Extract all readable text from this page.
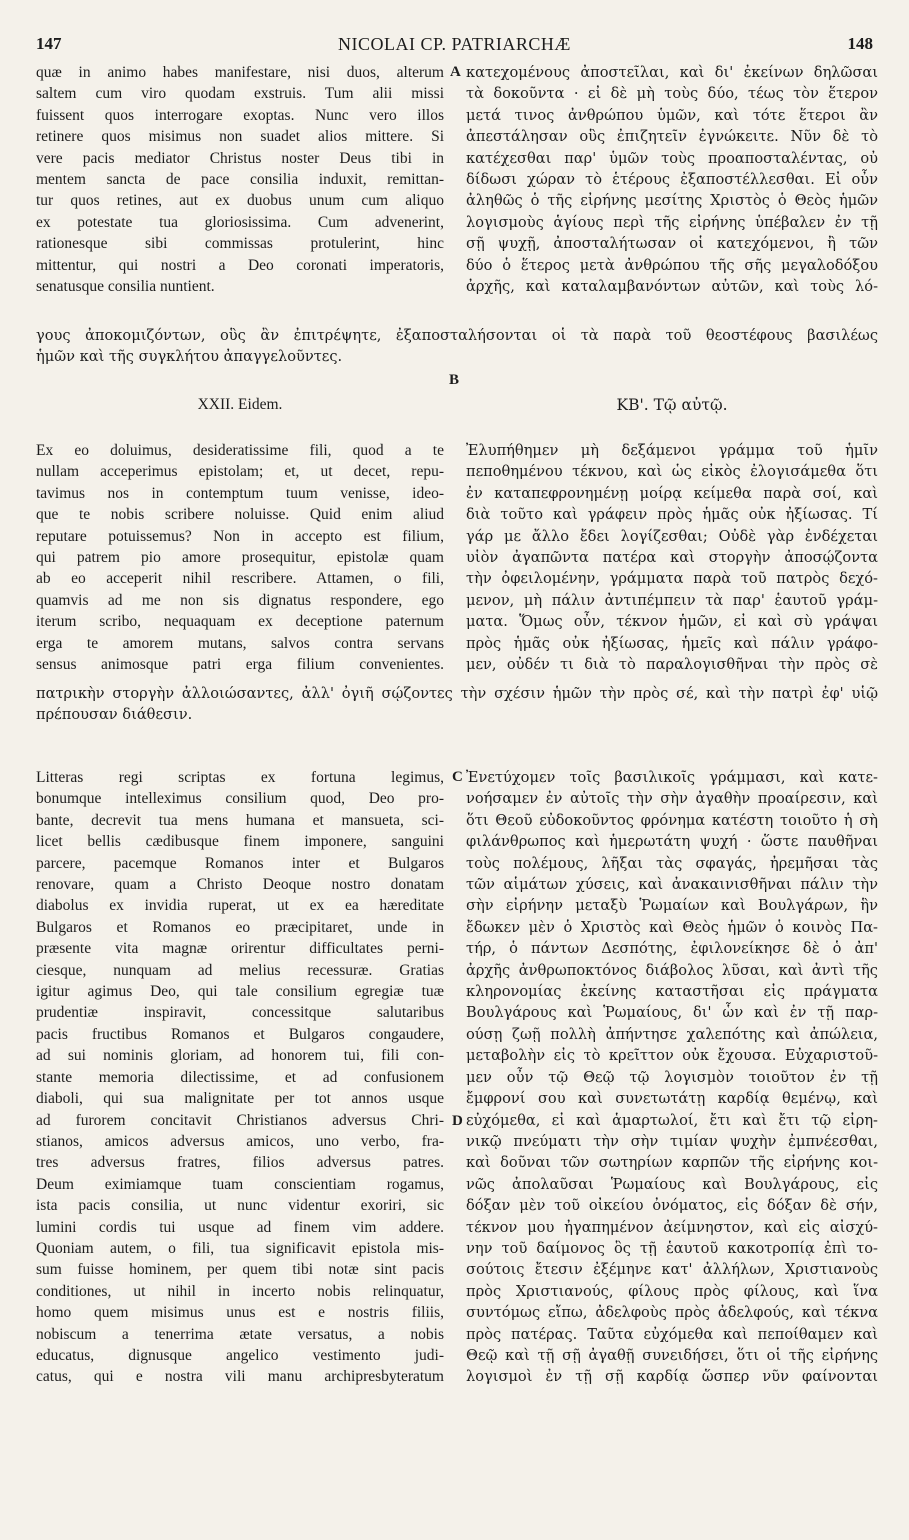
147	NICOLAI CP. PATRIARCHÆ	148
quæ in animo habes manifestare, nisi duos, alterum
saltem cum viro quodam exstruis. Tum alii missi
fuissent quos interrogare exoptas. Nunc vero illos
retinere quos misimus non suadet alios mittere. Si
vere pacis mediator Christus noster Deus tibi in
mentem sancta de pace consilia induxit, remittan-
tur quos retines, aut ex duobus unum cum aliquo
ex potestate tua gloriosissima. Cum advenerint,
rationesque sibi commissas protulerint, hinc
mittentur, qui nostri a Deo coronati imperatoris,
senatusque consilia nuntient.
A κατεχομένους ἀποστεῖλαι, καὶ δι' ἐκείνων δηλῶσαι
τὰ δοκοῦντα · εἰ δὲ μὴ τοὺς δύο, τέως τὸν ἕτερον
μετά τινος ἀνθρώπου ὑμῶν, καὶ τότε ἕτεροι ἂν
ἀπεστάλησαν οὓς ἐπιζητεῖν ἐγνώκειτε. Νῦν δὲ τὸ
κατέχεσθαι παρ' ὑμῶν τοὺς προαποσταλέντας, οὐ
δίδωσι χώραν τὸ ἑτέρους ἐξαποστέλλεσθαι. Εἰ οὖν
ἀληθῶς ὁ τῆς εἰρήνης μεσίτης Χριστὸς ὁ Θεὸς ἡμῶν
λογισμοὺς ἁγίους περὶ τῆς εἰρήνης ὑπέβαλεν ἐν τῇ
σῇ ψυχῇ, ἀποσταλήτωσαν οἱ κατεχόμενοι, ἢ τῶν
δύο ὁ ἕτερος μετὰ ἀνθρώπου τῆς σῆς μεγαλοδόξου
ἀρχῆς, καὶ καταλαμβανόντων αὐτῶν, καὶ τοὺς λό-
γους ἀποκομιζόντων, οὓς ἂν ἐπιτρέψητε, ἐξαποσταλήσονται οἱ τὰ παρὰ τοῦ θεοστέφους βασιλέως
ἡμῶν καὶ τῆς συγκλήτου ἀπαγγελοῦντες.
B
XXII. Eidem.	ΚΒ'. Τῷ αὐτῷ.
Ex eo doluimus, desideratissime fili, quod a te
nullam acceperimus epistolam; et, ut decet, repu-
tavimus nos in contemptum tuum venisse, ideo-
que te nobis scribere noluisse. Quid enim aliud
reputare potuissemus? Non in accepto est filium,
qui patrem pio amore prosequitur, epistolæ quam
ab eo acceperit nihil rescribere. Attamen, o fili,
quamvis ad me non sis dignatus respondere, ego
iterum scribo, nequaquam ex deceptione paternum
erga te amorem mutans, salvos contra servans
sensus animosque patri erga filium convenientes.
Ἐλυπήθημεν μὴ δεξάμενοι γράμμα τοῦ ἡμῖν
πεποθημένου τέκνου, καὶ ὡς εἰκὸς ἐλογισάμεθα ὅτι
ἐν καταπεφρονημένῃ μοίρᾳ κείμεθα παρὰ σοί, καὶ
διὰ τοῦτο καὶ γράφειν πρὸς ἡμᾶς οὐκ ἠξίωσας. Τί
γάρ με ἄλλο ἔδει λογίζεσθαι; Οὐδὲ γὰρ ἐνδέχεται
υἱὸν ἀγαπῶντα πατέρα καὶ στοργὴν ἀποσῴζοντα
τὴν ὀφειλομένην, γράμματα παρὰ τοῦ πατρὸς δεχό-
μενον, μὴ πάλιν ἀντιπέμπειν τὰ παρ' ἑαυτοῦ γράμ-
ματα. Ὅμως οὖν, τέκνον ἡμῶν, εἰ καὶ σὺ γράψαι
πρὸς ἡμᾶς οὐκ ἠξίωσας, ἡμεῖς καὶ πάλιν γράφο-
μεν, οὐδέν τι διὰ τὸ παραλογισθῆναι τὴν πρὸς σὲ
πατρικὴν στοργὴν ἀλλοιώσαντες, ἀλλ' ὀγιῆ σῴζοντες τὴν σχέσιν ἡμῶν τὴν πρὸς σέ, καὶ τὴν πατρὶ ἐφ' υἱῷ
πρέπουσαν διάθεσιν.
Litteras regi scriptas ex fortuna legimus,
bonumque intelleximus consilium quod, Deo pro-
bante, decrevit tua mens humana et mansueta, sci-
licet bellis cædibusque finem imponere, sanguini
parcere, pacemque Romanos inter et Bulgaros
renovare, quam a Christo Deoque nostro donatam
diabolus ex invidia ruperat, ut ex ea hæreditate
Bulgaros et Romanos eo præcipitaret, unde in
præsente vita magnæ orirentur difficultates perni-
ciesque, nunquam ad melius recessuræ. Gratias
igitur agimus Deo, qui tale consilium egregiæ tuæ
prudentiæ inspiravit, concessitque salutaribus
pacis fructibus Romanos et Bulgaros congaudere,
ad sui nominis gloriam, ad honorem tui, fili con-
stante memoria dilectissime, et ad confusionem
diaboli, qui sua malignitate per tot annos usque
ad furorem concitavit Christianos adversus Chri-
stianos, amicos adversus amicos, uno verbo, fra-
tres adversus fratres, filios adversus patres.
Deum eximiamque tuam conscientiam rogamus,
ista pacis consilia, ut nunc videntur exoriri, sic
lumini cordis tui usque ad finem vim addere.
Quoniam autem, o fili, tua significavit epistola mis-
sum fuisse hominem, per quem tibi notæ sint pacis
conditiones, ut nihil in incerto nobis relinquatur,
homo quem misimus unus est e nostris filiis,
nobiscum a tenerrima ætate versatus, a nobis
educatus, dignusque angelico vestimento judi-
catus, qui e nostra vili manu archipresbyteratum
C
D
Ἐνετύχομεν τοῖς βασιλικοῖς γράμμασι, καὶ κατε-
νοήσαμεν ἐν αὐτοῖς τὴν σὴν ἀγαθὴν προαίρεσιν, καὶ
ὅτι Θεοῦ εὐδοκοῦντος φρόνημα κατέστη τοιοῦτο ἡ σὴ
φιλάνθρωπος καὶ ἡμερωτάτη ψυχή · ὥστε παυθῆναι
τοὺς πολέμους, λῆξαι τὰς σφαγάς, ἠρεμῆσαι τὰς
τῶν αἱμάτων χύσεις, καὶ ἀνακαινισθῆναι πάλιν τὴν
σὴν εἰρήνην μεταξὺ Ῥωμαίων καὶ Βουλγάρων, ἣν
ἔδωκεν μὲν ὁ Χριστὸς καὶ Θεὸς ἡμῶν ὁ κοινὸς Πα-
τήρ, ὁ πάντων Δεσπότης, ἐφιλονείκησε δὲ ὁ ἀπ'
ἀρχῆς ἀνθρωποκτόνος διάβολος λῦσαι, καὶ ἀντὶ τῆς
κληρονομίας ἐκείνης καταστῆσαι εἰς πράγματα
Βουλγάρους καὶ Ῥωμαίους, δι' ὧν καὶ ἐν τῇ παρ-
ούσῃ ζωῇ πολλὴ ἀπήντησε χαλεπότης καὶ ἀπώλεια,
μεταβολὴν εἰς τὸ κρεῖττον οὐκ ἔχουσα. Εὐχαριστοῦ-
μεν οὖν τῷ Θεῷ τῷ λογισμὸν τοιοῦτον ἐν τῇ
ἔμφρονί σου καὶ συνετωτάτῃ καρδίᾳ θεμένῳ, καὶ
εὐχόμεθα, εἰ καὶ ἁμαρτωλοί, ἔτι καὶ ἔτι τῷ εἰρη-
νικῷ πνεύματι τὴν σὴν τιμίαν ψυχὴν ἐμπνέεσθαι,
καὶ δοῦναι τῶν σωτηρίων καρπῶν τῆς εἰρήνης κοι-
νῶς ἀπολαῦσαι Ῥωμαίους καὶ Βουλγάρους, εἰς
δόξαν μὲν τοῦ οἰκείου ὀνόματος, εἰς δόξαν δὲ σήν,
τέκνον μου ἠγαπημένον ἀείμνηστον, καὶ εἰς αἰσχύ-
νην τοῦ δαίμονος ὃς τῇ ἑαυτοῦ κακοτροπίᾳ ἐπὶ το-
σούτοις ἔτεσιν ἐξέμηνε κατ' ἀλλήλων, Χριστιανοὺς
πρὸς Χριστιανούς, φίλους πρὸς φίλους, καὶ ἵνα
συντόμως εἴπω, ἀδελφοὺς πρὸς ἀδελφούς, καὶ τέκνα
πρὸς πατέρας. Ταῦτα εὐχόμεθα καὶ πεποίθαμεν καὶ
Θεῷ καὶ τῇ σῇ ἀγαθῇ συνειδήσει, ὅτι οἱ τῆς εἰρήνης
λογισμοὶ ἐν τῇ σῇ καρδίᾳ ὥσπερ νῦν φαίνονται
